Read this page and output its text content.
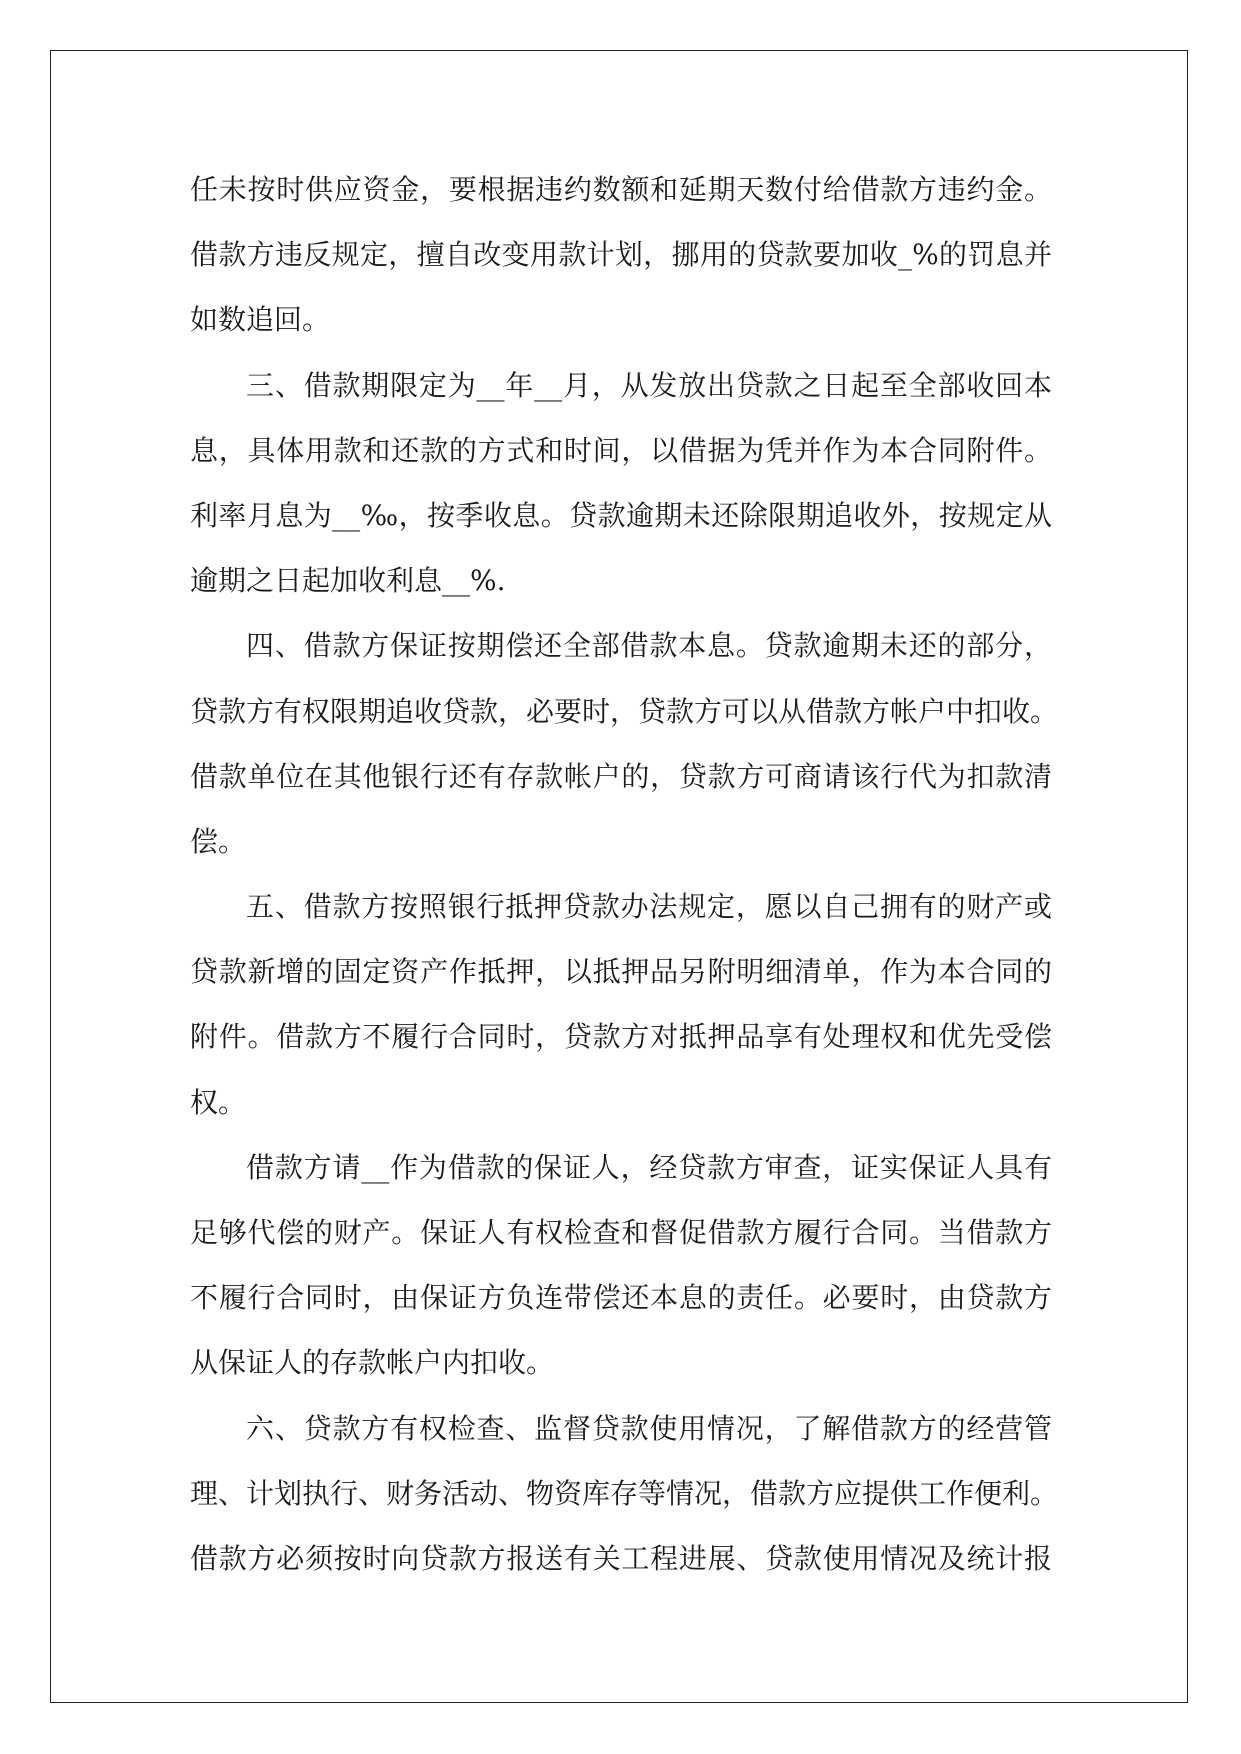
任未按时供应资金，要根据违约数额和延期天数付给借款方违约金。
借款方违反规定，擅自改变用款计划，挪用的贷款要加收_%的罚息并
如数追回。
三、借款期限定为__年__月，从发放出贷款之日起至全部收回本
息，具体用款和还款的方式和时间，以借据为凭并作为本合同附件。
利率月息为__‰，按季收息。贷款逾期未还除限期追收外，按规定从
逾期之日起加收利息__%.
四、借款方保证按期偿还全部借款本息。贷款逾期未还的部分，
贷款方有权限期追收贷款，必要时，贷款方可以从借款方帐户中扣收。
借款单位在其他银行还有存款帐户的，贷款方可商请该行代为扣款清
偿。
五、借款方按照银行抵押贷款办法规定，愿以自己拥有的财产或
贷款新增的固定资产作抵押，以抵押品另附明细清单，作为本合同的
附件。借款方不履行合同时，贷款方对抵押品享有处理权和优先受偿
权。
借款方请__作为借款的保证人，经贷款方审查，证实保证人具有
足够代偿的财产。保证人有权检查和督促借款方履行合同。当借款方
不履行合同时，由保证方负连带偿还本息的责任。必要时，由贷款方
从保证人的存款帐户内扣收。
六、贷款方有权检查、监督贷款使用情况，了解借款方的经营管
理、计划执行、财务活动、物资库存等情况，借款方应提供工作便利。
借款方必须按时向贷款方报送有关工程进展、贷款使用情况及统计报
